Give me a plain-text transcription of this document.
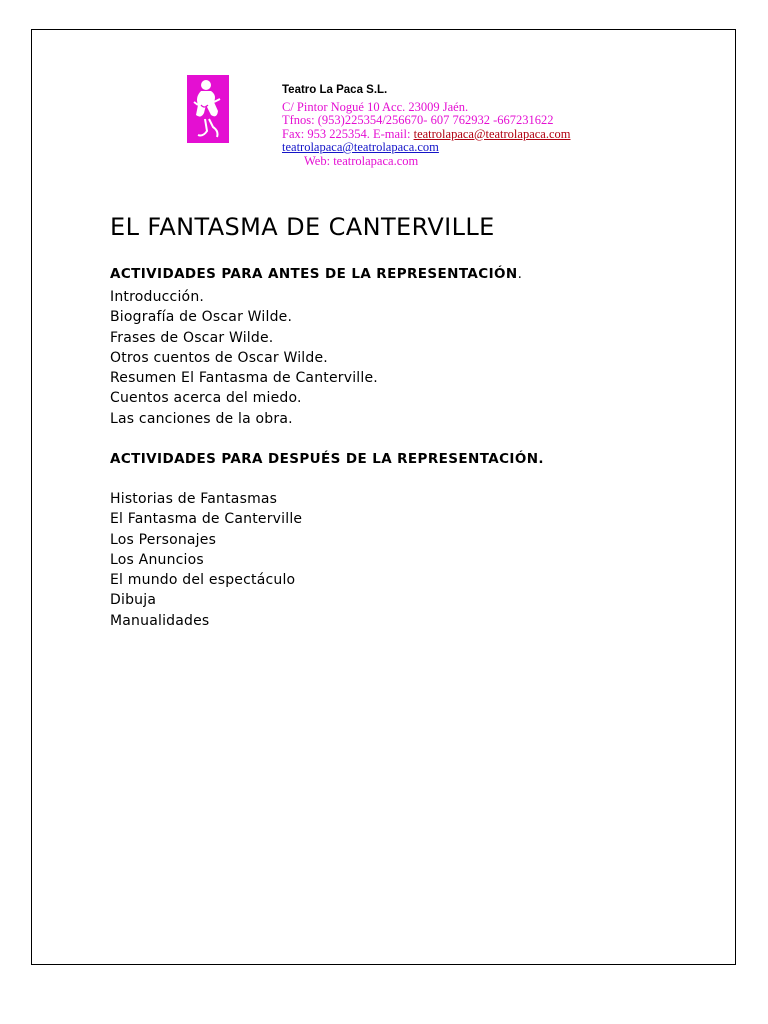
Teatro La Paca S.L.
C/ Pintor Nogué 10 Acc. 23009 Jaén.
Tfnos: (953)225354/256670- 607 762932 -667231622
Fax: 953 225354. E-mail: teatrolapaca@teatrolapaca.com
teatrolapaca@teatrolapaca.com
Web: teatrolapaca.com
EL FANTASMA DE CANTERVILLE
ACTIVIDADES PARA ANTES DE LA REPRESENTACIÓN.
Introducción.
Biografía de Oscar Wilde.
Frases de Oscar Wilde.
Otros cuentos de Oscar Wilde.
Resumen El Fantasma de Canterville.
Cuentos acerca del miedo.
Las canciones de la obra.
ACTIVIDADES PARA DESPUÉS DE LA REPRESENTACIÓN.
Historias de Fantasmas
El Fantasma de Canterville
Los Personajes
Los Anuncios
El mundo del espectáculo
Dibuja
Manualidades
